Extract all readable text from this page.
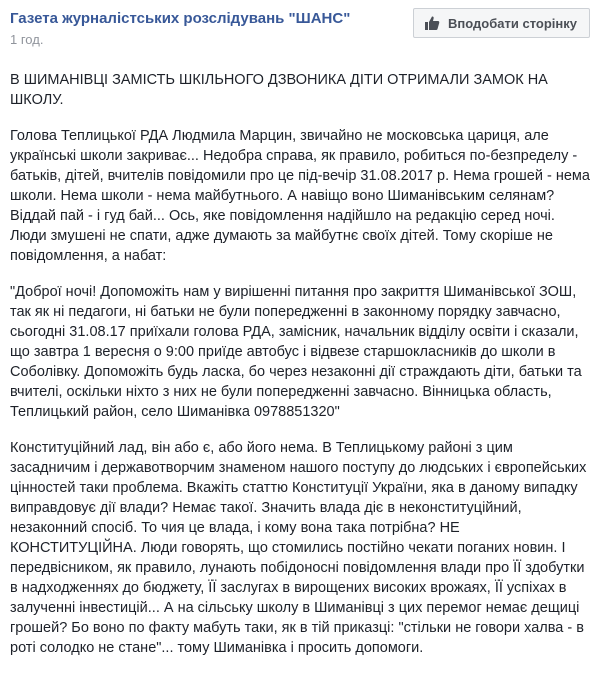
Газета журналістських розслідувань "ШАНС"
1 год.
Вподобати сторінку

В ШИМАНІВЦІ ЗАМІСТЬ ШКІЛЬНОГО ДЗВОНИКА ДІТИ ОТРИМАЛИ ЗАМОК НА ШКОЛУ.

Голова Теплицької РДА Людмила Марцин, звичайно не московська цариця, але українські школи закриває... Недобра справа, як правило, робиться по-безпределу - батьків, дітей, вчителів повідомили про це під-вечір 31.08.2017 р. Нема грошей - нема школи. Нема школи - нема майбутнього. А навіщо воно Шиманівським селянам? Віддай пай - і гуд бай... Ось, яке повідомлення надійшло на редакцію серед ночі. Люди змушені не спати, адже думають за майбутнє своїх дітей. Тому скоріше не повідомлення, а набат:

"Доброї ночі! Допоможіть нам у вирішенні питання про закриття Шиманівської ЗОШ, так як ні педагоги, ні батьки не були попередженні в законному порядку завчасно, сьогодні 31.08.17 приїхали голова РДА, замісник, начальник відділу освіти і сказали, що завтра 1 вересня о 9:00 приїде автобус і відвезе старшокласників до школи в Соболівку. Допоможіть будь ласка, бо через незаконні дії страждають діти, батьки та вчителі, оскільки ніхто з них не були попередженні завчасно. Вінницька область, Теплицький район, село Шиманівка 0978851320"

Конституційний лад, він або є, або його нема. В Теплицькому районі з цим засадничим і державотворчим знаменом нашого поступу до людських і європейських цінностей таки проблема. Вкажіть статтю Конституції України, яка в даному випадку виправдовує дії влади? Немає такої. Значить влада діє в неконституційний, незаконний спосіб. То чия це влада, і кому вона така потрібна? НЕ КОНСТИТУЦІЙНА. Люди говорять, що стомились постійно чекати поганих новин. І передвісником, як правило, лунають побідоносні повідомлення влади про ЇЇ здобутки в надходженнях до бюджету, ЇЇ заслугах в вирощених високих врожаях, ЇЇ успіхах в залученні інвестицій... А на сільську школу в Шиманівці з цих перемог немає дещиці грошей? Бо воно по факту мабуть таки, як в тій приказці: "стільки не говори халва - в роті солодко не стане"... тому Шиманівка і просить допомоги.
